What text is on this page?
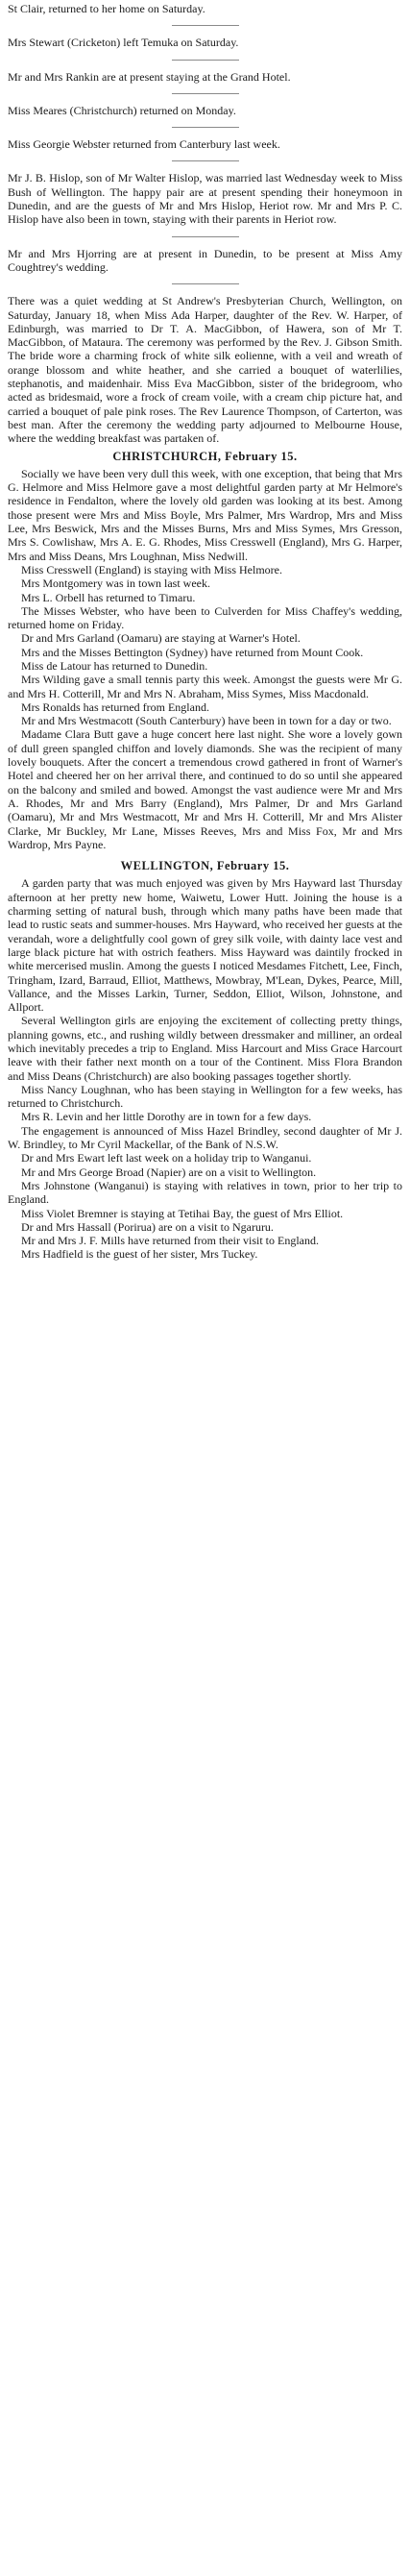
St Clair, returned to her home on Saturday.

Mrs Stewart (Cricketon) left Temuka on Saturday.

Mr and Mrs Rankin are at present staying at the Grand Hotel.

Miss Meares (Christchurch) returned on Monday.

Miss Georgie Webster returned from Canterbury last week.

Mr J. B. Hislop, son of Mr Walter Hislop, was married last Wednesday week to Miss Bush of Wellington. The happy pair are at present spending their honeymoon in Dunedin, and are the guests of Mr and Mrs Hislop, Heriot row. Mr and Mrs P. C. Hislop have also been in town, staying with their parents in Heriot row.

Mr and Mrs Hjorring are at present in Dunedin, to be present at Miss Amy Coughtrey's wedding.

There was a quiet wedding at St Andrew's Presbyterian Church, Wellington, on Saturday, January 18, when Miss Ada Harper, daughter of the Rev. W. Harper, of Edinburgh, was married to Dr T. A. MacGibbon, of Hawera, son of Mr T. MacGibbon, of Mataura. The ceremony was performed by the Rev. J. Gibson Smith. The bride wore a charming frock of white silk eolienne, with a veil and wreath of orange blossom and white heather, and she carried a bouquet of waterlilies, stephanotis, and maidenhair. Miss Eva MacGibbon, sister of the bridegroom, who acted as bridesmaid, wore a frock of cream voile, with a cream chip picture hat, and carried a bouquet of pale pink roses. The Rev Laurence Thompson, of Carterton, was best man. After the ceremony the wedding party adjourned to Melbourne House, where the wedding breakfast was partaken of.

CHRISTCHURCH, February 15.

Socially we have been very dull this week, with one exception, that being that Mrs G. Helmore and Miss Helmore gave a most delightful garden party at Mr Helmore's residence in Fendalton, where the lovely old garden was looking at its best. Among those present were Mrs and Miss Boyle, Mrs Palmer, Mrs Wardrop, Mrs and Miss Lee, Mrs Beswick, Mrs and the Misses Burns, Mrs and Miss Symes, Mrs Gresson, Mrs S. Cowlishaw, Mrs A. E. G. Rhodes, Miss Cresswell (England), Mrs G. Harper, Mrs and Miss Deans, Mrs Loughnan, Miss Nedwill.

Miss Cresswell (England) is staying with Miss Helmore.

Mrs Montgomery was in town last week.

Mrs L. Orbell has returned to Timaru.

The Misses Webster, who have been to Culverden for Miss Chaffey's wedding, returned home on Friday.

Dr and Mrs Garland (Oamaru) are staying at Warner's Hotel.

Mrs and the Misses Bettington (Sydney) have returned from Mount Cook.

Miss de Latour has returned to Dunedin.

Mrs Wilding gave a small tennis party this week. Amongst the guests were Mr G. and Mrs H. Cotterill, Mr and Mrs N. Abraham, Miss Symes, Miss Macdonald.

Mrs Ronalds has returned from England.

Mr and Mrs Westmacott (South Canterbury) have been in town for a day or two.

Madame Clara Butt gave a huge concert here last night. She wore a lovely gown of dull green spangled chiffon and lovely diamonds. She was the recipient of many lovely bouquets. After the concert a tremendous crowd gathered in front of Warner's Hotel and cheered her on her arrival there, and continued to do so until she appeared on the balcony and smiled and bowed. Amongst the vast audience were Mr and Mrs A. Rhodes, Mr and Mrs Barry (England), Mrs Palmer, Dr and Mrs Garland (Oamaru), Mr and Mrs Westmacott, Mr and Mrs H. Cotterill, Mr and Mrs Alister Clarke, Mr Buckley, Mr Lane, Misses Reeves, Mrs and Miss Fox, Mr and Mrs Wardrop, Mrs Payne.

WELLINGTON, February 15.

A garden party that was much enjoyed was given by Mrs Hayward last Thursday afternoon at her pretty new home, Waiwetu, Lower Hutt. Joining the house is a charming setting of natural bush, through which many paths have been made that lead to rustic seats and summer-houses. Mrs Hayward, who received her guests at the verandah, wore a delightfully cool gown of grey silk voile, with dainty lace vest and large black picture hat with ostrich feathers. Miss Hayward was daintily frocked in white mercerised muslin. Among the guests I noticed Mesdames Fitchett, Lee, Finch, Tringham, Izard, Barraud, Elliot, Matthews, Mowbray, M'Lean, Dykes, Pearce, Mill, Vallance, and the Misses Larkin, Turner, Seddon, Elliot, Wilson, Johnstone, and Allport.

Several Wellington girls are enjoying the excitement of collecting pretty things, planning gowns, etc., and rushing wildly between dressmaker and milliner, an ordeal which inevitably precedes a trip to England. Miss Harcourt and Miss Grace Harcourt leave with their father next month on a tour of the Continent. Miss Flora Brandon and Miss Deans (Christchurch) are also booking passages together shortly.

Miss Nancy Loughnan, who has been staying in Wellington for a few weeks, has returned to Christchurch.

Mrs R. Levin and her little Dorothy are in town for a few days.

The engagement is announced of Miss Hazel Brindley, second daughter of Mr J. W. Brindley, to Mr Cyril Mackellar, of the Bank of N.S.W.

Dr and Mrs Ewart left last week on a holiday trip to Wanganui.

Mr and Mrs George Broad (Napier) are on a visit to Wellington.

Mrs Johnstone (Wanganui) is staying with relatives in town, prior to her trip to England.

Miss Violet Bremner is staying at Tetihai Bay, the guest of Mrs Elliot.

Dr and Mrs Hassall (Porirua) are on a visit to Ngaruru.

Mr and Mrs J. F. Mills have returned from their visit to England.

Mrs Hadfield is the guest of her sister, Mrs Tuckey.
